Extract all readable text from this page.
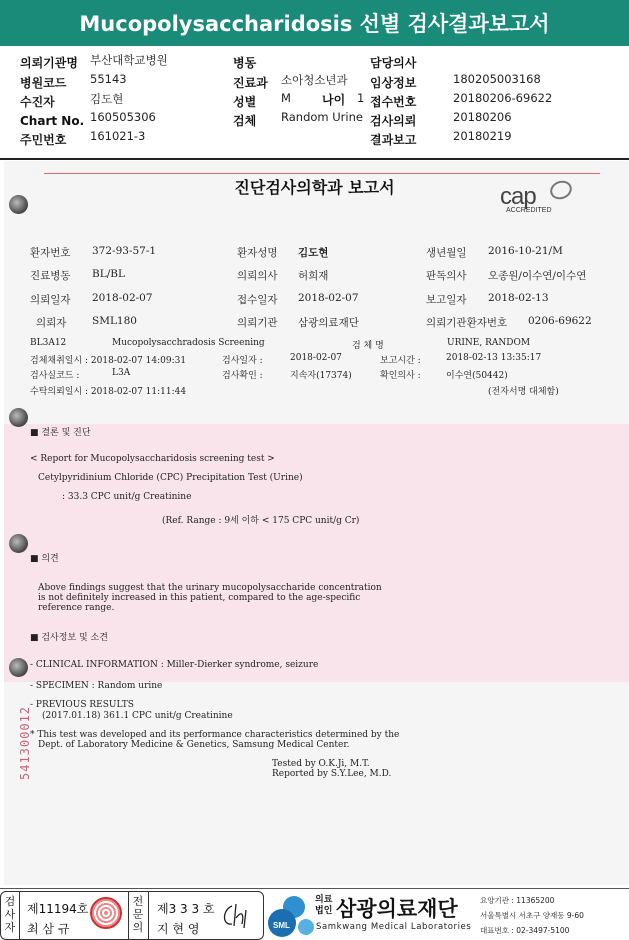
Mucopolysaccharidosis 선별 검사결과보고서
의뢰기관명 부산대학교병원
병원코드 55143
수진자	김도현
Chart No. 160505306
주민번호 161021-3
병동
진료과 소아청소년과
성별 M	나이 1
검체 Random Urine
담당의사
임상정보	180205003168
접수번호	20180206-69622
검사의뢰	20180206
결과보고	20180219
진단검사의학과 보고서	cap
ACCREDITED
환자번호 372-93-57-1	환자성명 김도현	생년월일 2016-10-21/M
진료병동 BL/BL	의뢰의사 허희재	판독의사 오종원/이수연/이수연
의뢰일자 2018-02-07	접수일자 2018-02-07	보고일자 2018-02-13
의뢰자 SML180	의뢰기관 삼광의료재단	의뢰기관환자번호 0206-69622
BL3A12	Mucopolysacchradosis Screening	검 체 명	URINE, RANDOM
검체채취일시 : 2018-02-07 14:09:31	검사일자 :	2018-02-07	보고시간 :	2018-02-13 13:35:17
검사실코드 :	L3A	검사확인 :	지속자(17374)	확인의사 :	이수연(50442)
수탁의뢰일시 : 2018-02-07 11:11:44	(전자서명 대체함)
■ 결론 및 진단
< Report for Mucopolysaccharidosis screening test >
Cetylpyridinium Chloride (CPC) Precipitation Test (Urine)
: 33.3 CPC unit/g Creatinine
(Ref. Range : 9세 이하 < 175 CPC unit/g Cr)
■ 의견
Above findings suggest that the urinary mucopolysaccharide concentration
is not definitely increased in this patient, compared to the age-specific
reference range.
■ 검사정보 및 소견
- CLINICAL INFORMATION : Miller-Dierker syndrome, seizure
- SPECIMEN : Random urine
- PREVIOUS RESULTS
(2017.01.18) 361.1 CPC unit/g Creatinine
* This test was developed and its performance characteristics determined by the
Dept. of Laboratory Medicine & Genetics, Samsung Medical Center.
Tested by O.K.Ji, M.T.
Reported by S.Y.Lee, M.D.
541300012
검사자
제11194호
최 삼 규
전문의
제3 3 3 호
지 현 영	SML
의료
법인 삼광의료재단
Samkwang Medical Laboratories
요양기관 : 11365200
서울특별시 서초구 양재동 9-60
대표번호 : 02-3497-5100
